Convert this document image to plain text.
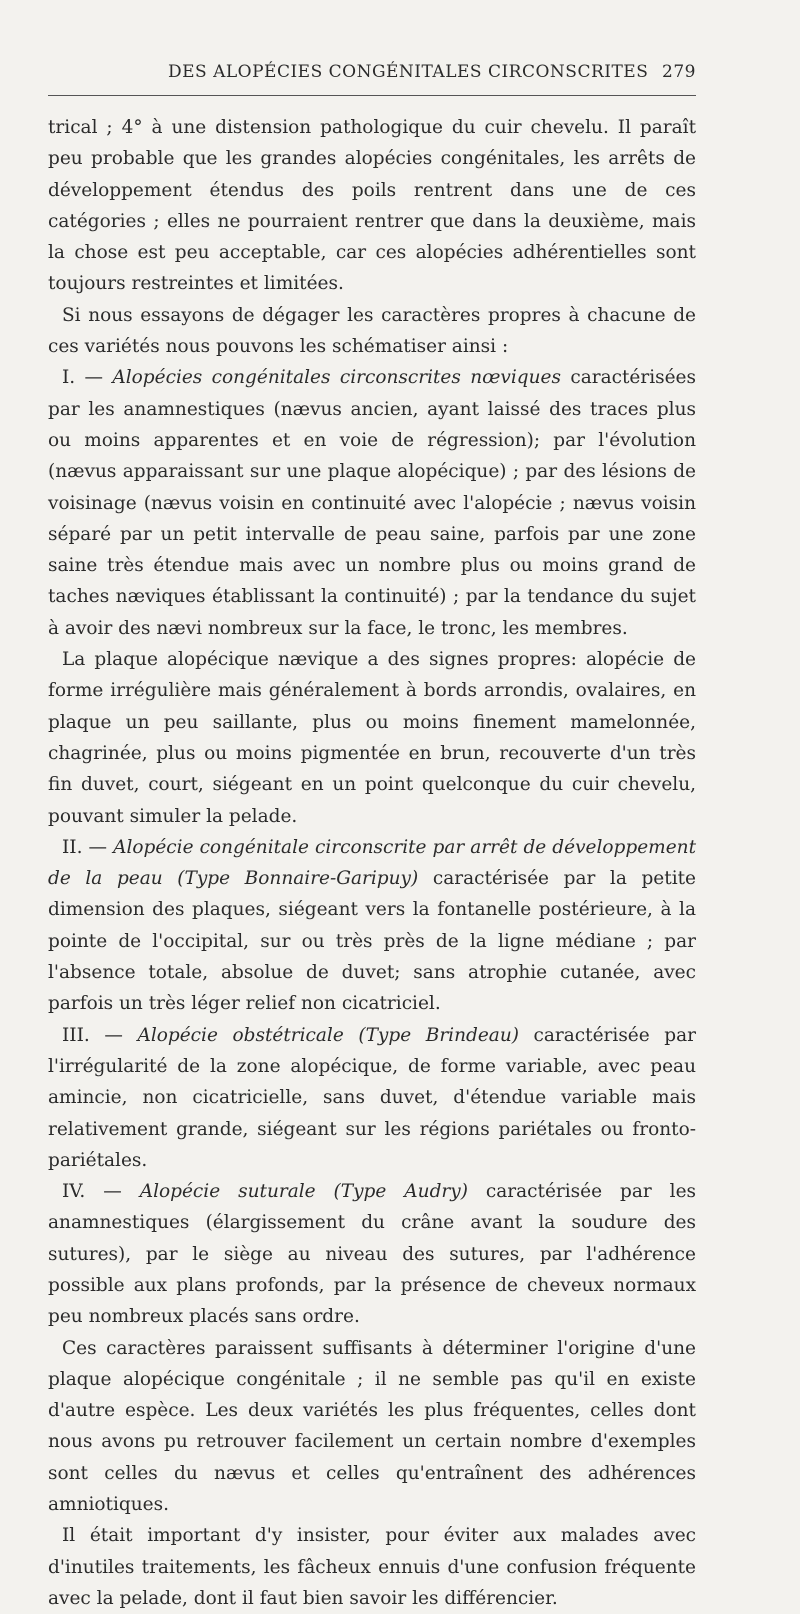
DES ALOPÉCIES CONGÉNITALES CIRCONSCRITES 279

trical ; 4° à une distension pathologique du cuir chevelu. Il paraît peu probable que les grandes alopécies congénitales, les arrêts de développement étendus des poils rentrent dans une de ces catégories ; elles ne pourraient rentrer que dans la deuxième, mais la chose est peu acceptable, car ces alopécies adhérentielles sont toujours restreintes et limitées.

Si nous essayons de dégager les caractères propres à chacune de ces variétés nous pouvons les schématiser ainsi :

I. — Alopécies congénitales circonscrites nœviques caractérisées par les anamnestiques (nævus ancien, ayant laissé des traces plus ou moins apparentes et en voie de régression); par l'évolution (nævus apparaissant sur une plaque alopécique) ; par des lésions de voisinage (nævus voisin en continuité avec l'alopécie ; nævus voisin séparé par un petit intervalle de peau saine, parfois par une zone saine très étendue mais avec un nombre plus ou moins grand de taches næviques établissant la continuité) ; par la tendance du sujet à avoir des nævi nombreux sur la face, le tronc, les membres.

La plaque alopécique nævique a des signes propres: alopécie de forme irrégulière mais généralement à bords arrondis, ovalaires, en plaque un peu saillante, plus ou moins finement mamelonnée, chagrinée, plus ou moins pigmentée en brun, recouverte d'un très fin duvet, court, siégeant en un point quelconque du cuir chevelu, pouvant simuler la pelade.

II. — Alopécie congénitale circonscrite par arrêt de développement de la peau (Type Bonnaire-Garipuy) caractérisée par la petite dimension des plaques, siégeant vers la fontanelle postérieure, à la pointe de l'occipital, sur ou très près de la ligne médiane ; par l'absence totale, absolue de duvet; sans atrophie cutanée, avec parfois un très léger relief non cicatriciel.

III. — Alopécie obstétricale (Type Brindeau) caractérisée par l'irrégularité de la zone alopécique, de forme variable, avec peau amincie, non cicatricielle, sans duvet, d'étendue variable mais relativement grande, siégeant sur les régions pariétales ou fronto-pariétales.

IV. — Alopécie suturale (Type Audry) caractérisée par les anamnestiques (élargissement du crâne avant la soudure des sutures), par le siège au niveau des sutures, par l'adhérence possible aux plans profonds, par la présence de cheveux normaux peu nombreux placés sans ordre.

Ces caractères paraissent suffisants à déterminer l'origine d'une plaque alopécique congénitale ; il ne semble pas qu'il en existe d'autre espèce. Les deux variétés les plus fréquentes, celles dont nous avons pu retrouver facilement un certain nombre d'exemples sont celles du nævus et celles qu'entraînent des adhérences amniotiques.

Il était important d'y insister, pour éviter aux malades avec d'inutiles traitements, les fâcheux ennuis d'une confusion fréquente avec la pelade, dont il faut bien savoir les différencier.
